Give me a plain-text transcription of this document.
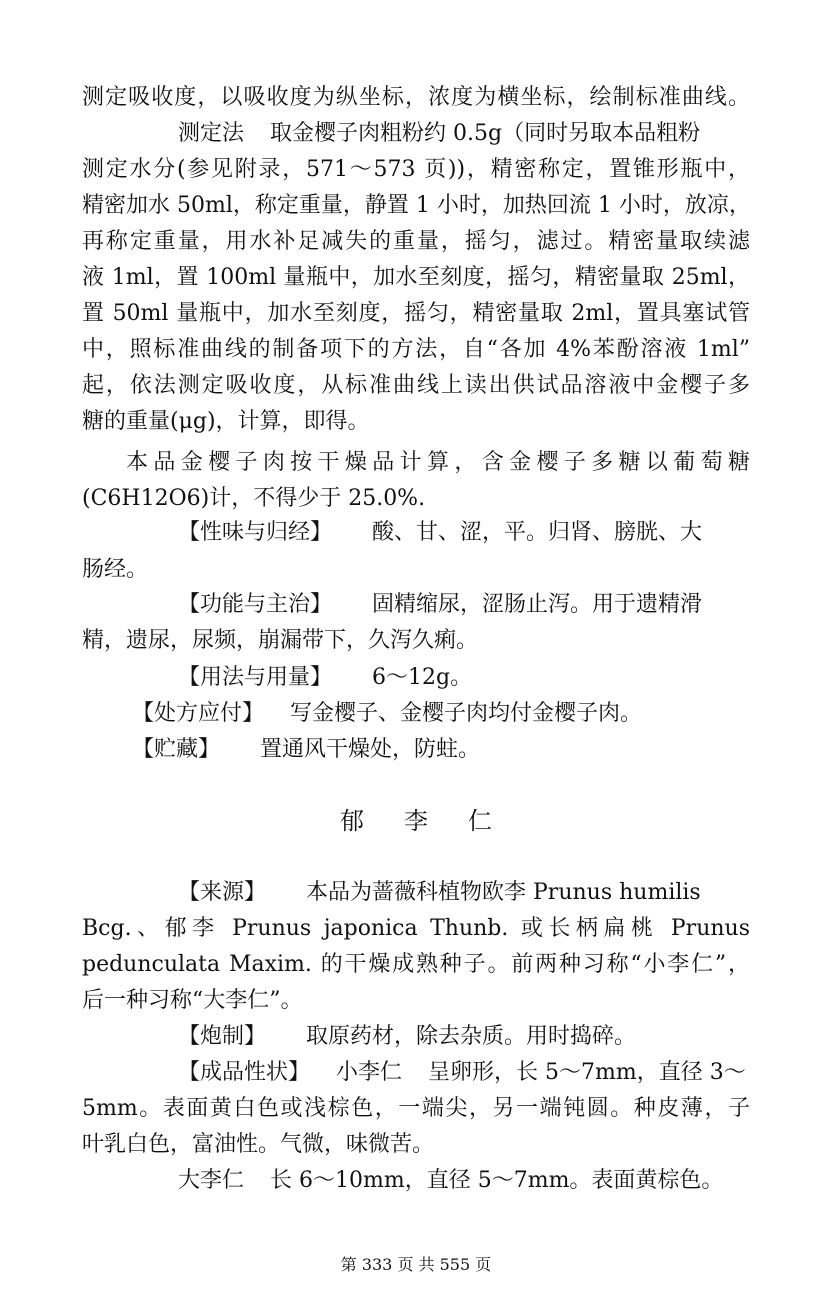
测定吸收度，以吸收度为纵坐标，浓度为横坐标，绘制标准曲线。

测定法 取金樱子肉粗粉约 0.5g（同时另取本品粗粉

测定水分(参见附录，571～573 页))，精密称定，置锥形瓶中，

精密加水 50ml，称定重量，静置 1 小时，加热回流 1 小时，放凉，

再称定重量，用水补足减失的重量，摇匀，滤过。精密量取续滤

液 1ml，置 100ml 量瓶中，加水至刻度，摇匀，精密量取 25ml，

置 50ml 量瓶中，加水至刻度，摇匀，精密量取 2ml，置具塞试管

中，照标准曲线的制备项下的方法，自“各加 4%苯酚溶液 1ml”

起，依法测定吸收度，从标准曲线上读出供试品溶液中金樱子多

糖的重量(μg)，计算，即得。

本品金樱子肉按干燥品计算，含金樱子多糖以葡萄糖

(C6H12O6)计，不得少于 25.0%.

【性味与归经】 酸、甘、涩，平。归肾、膀胱、大

肠经。

【功能与主治】 固精缩尿，涩肠止泻。用于遗精滑

精，遗尿，尿频，崩漏带下，久泻久痢。

【用法与用量】 6～12g。

【处方应付】 写金樱子、金樱子肉均付金樱子肉。

【贮藏】 置通风干燥处，防蛀。

郁李仁

【来源】 本品为蔷薇科植物欧李 Prunus humilis

Bcg.、郁李 Prunus japonica Thunb. 或长柄扁桃 Prunus

pedunculata Maxim. 的干燥成熟种子。前两种习称“小李仁”，

后一种习称“大李仁”。

【炮制】 取原药材，除去杂质。用时捣碎。

【成品性状】 小李仁 呈卵形，长 5～7mm，直径 3～

5mm。表面黄白色或浅棕色，一端尖，另一端钝圆。种皮薄，子

叶乳白色，富油性。气微，味微苦。

大李仁 长 6～10mm，直径 5～7mm。表面黄棕色。

第 333 页 共 555 页
